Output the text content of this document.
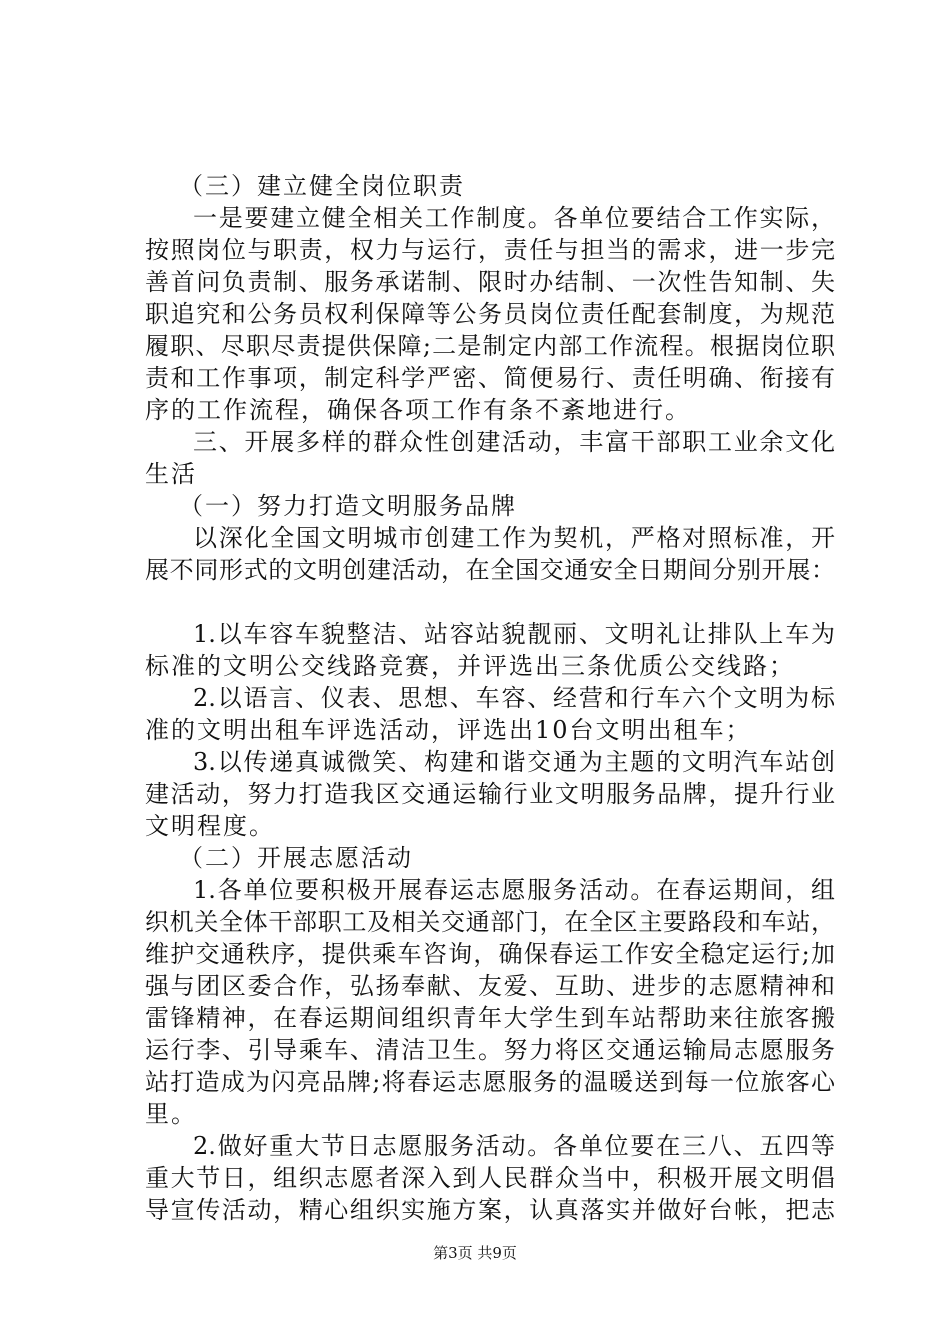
（三）建立健全岗位职责
一是要建立健全相关工作制度。各单位要结合工作实际，
按照岗位与职责，权力与运行，责任与担当的需求，进一步完
善首问负责制、服务承诺制、限时办结制、一次性告知制、失
职追究和公务员权利保障等公务员岗位责任配套制度，为规范
履职、尽职尽责提供保障;二是制定内部工作流程。根据岗位职
责和工作事项，制定科学严密、简便易行、责任明确、衔接有
序的工作流程，确保各项工作有条不紊地进行。
三、开展多样的群众性创建活动，丰富干部职工业余文化
生活
（一）努力打造文明服务品牌
以深化全国文明城市创建工作为契机，严格对照标准，开
展不同形式的文明创建活动，在全国交通安全日期间分别开展：
1.以车容车貌整洁、站容站貌靓丽、文明礼让排队上车为
标准的文明公交线路竞赛，并评选出三条优质公交线路；
2.以语言、仪表、思想、车容、经营和行车六个文明为标
准的文明出租车评选活动，评选出10台文明出租车；
3.以传递真诚微笑、构建和谐交通为主题的文明汽车站创
建活动，努力打造我区交通运输行业文明服务品牌，提升行业
文明程度。
（二）开展志愿活动
1.各单位要积极开展春运志愿服务活动。在春运期间，组
织机关全体干部职工及相关交通部门，在全区主要路段和车站，
维护交通秩序，提供乘车咨询，确保春运工作安全稳定运行;加
强与团区委合作，弘扬奉献、友爱、互助、进步的志愿精神和
雷锋精神，在春运期间组织青年大学生到车站帮助来往旅客搬
运行李、引导乘车、清洁卫生。努力将区交通运输局志愿服务
站打造成为闪亮品牌;将春运志愿服务的温暖送到每一位旅客心
里。
2.做好重大节日志愿服务活动。各单位要在三八、五四等
重大节日，组织志愿者深入到人民群众当中，积极开展文明倡
导宣传活动，精心组织实施方案，认真落实并做好台帐，把志
第3页 共9页
